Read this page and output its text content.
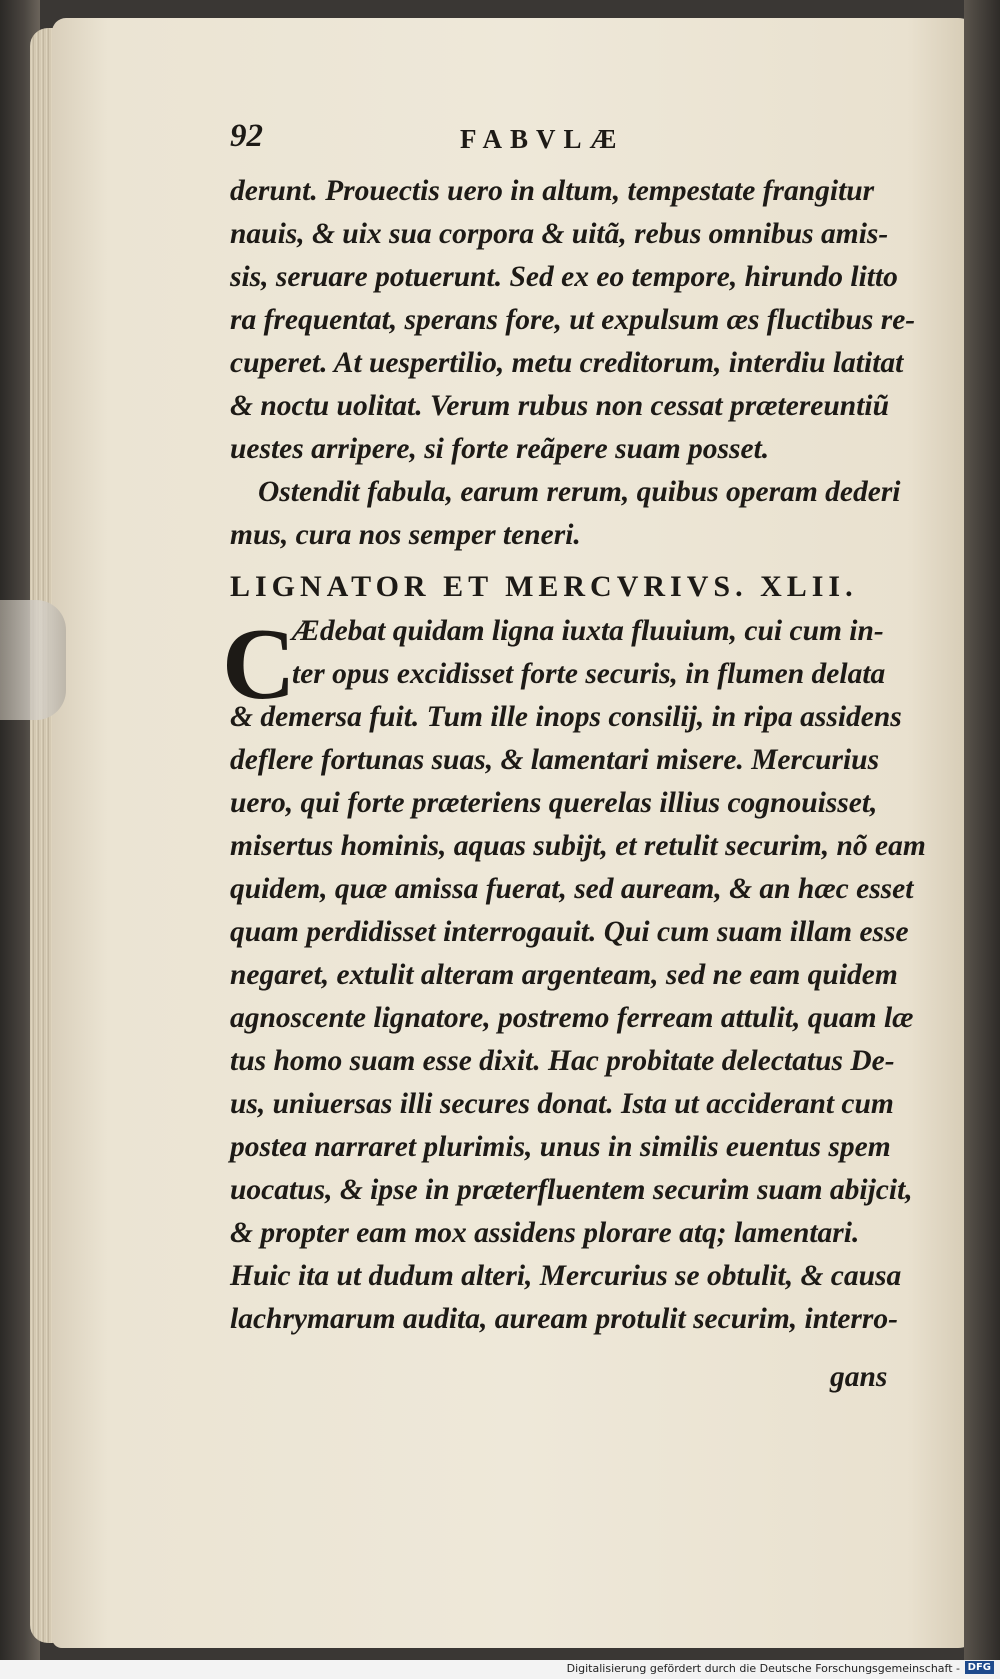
92	FABVLÆ
derunt. Prouectis uero in altum, tempestate frangitur
nauis, & uix sua corpora & uitã, rebus omnibus amis-
sis, seruare potuerunt. Sed ex eo tempore, hirundo litto
ra frequentat, sperans fore, ut expulsum æs fluctibus re-
cuperet. At uespertilio, metu creditorum, interdiu latitat
& noctu uolitat. Verum rubus non cessat prætereuntiũ
uestes arripere, si forte reãpere suam posset.
Ostendit fabula, earum rerum, quibus operam dederi
mus, cura nos semper teneri.
LIGNATOR ET MERCVRIVS. XLII.
C
Ædebat quidam ligna iuxta fluuium, cui cum in-
ter opus excidisset forte securis, in flumen delata
& demersa fuit. Tum ille inops consilij, in ripa assidens
deflere fortunas suas, & lamentari misere. Mercurius
uero, qui forte præteriens querelas illius cognouisset,
misertus hominis, aquas subijt, et retulit securim, nõ eam
quidem, quæ amissa fuerat, sed auream, & an hæc esset
quam perdidisset interrogauit. Qui cum suam illam esse
negaret, extulit alteram argenteam, sed ne eam quidem
agnoscente lignatore, postremo ferream attulit, quam læ
tus homo suam esse dixit. Hac probitate delectatus De-
us, uniuersas illi secures donat. Ista ut acciderant cum
postea narraret plurimis, unus in similis euentus spem
uocatus, & ipse in præterfluentem securim suam abijcit,
& propter eam mox assidens plorare atq; lamentari.
Huic ita ut dudum alteri, Mercurius se obtulit, & causa
lachrymarum audita, auream protulit securim, interro-
gans
Digitalisierung gefördert durch die Deutsche Forschungsgemeinschaft - DFG
